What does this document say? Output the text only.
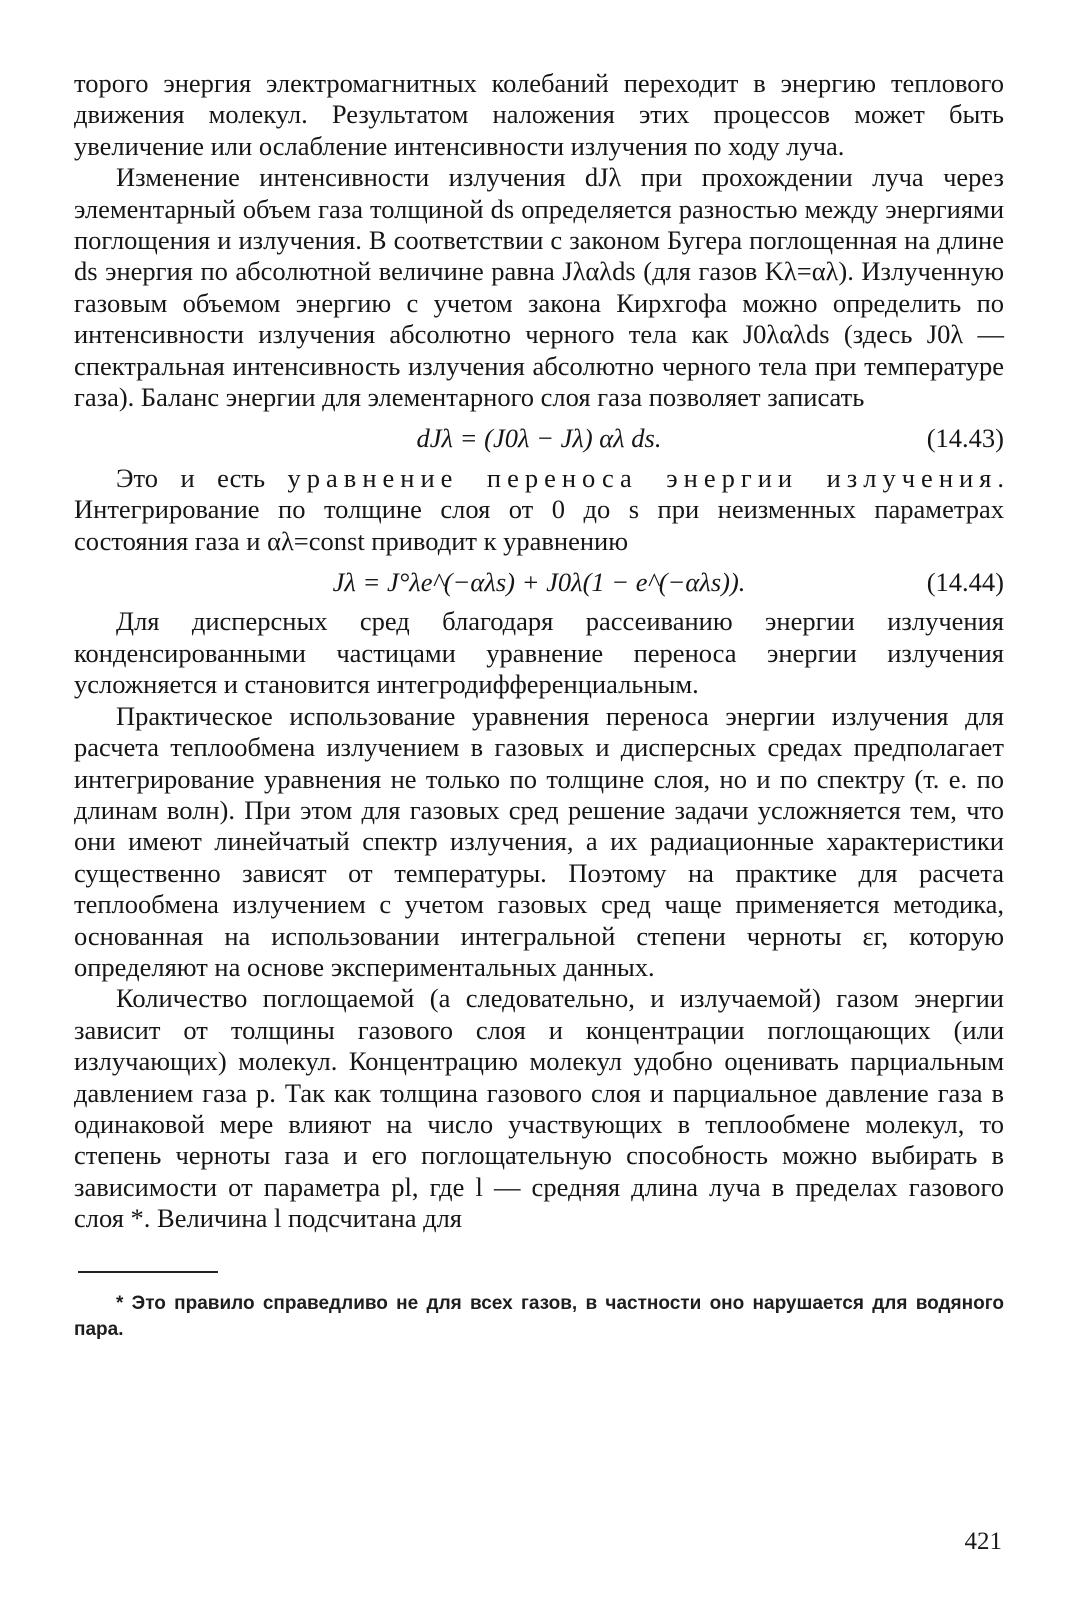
торого энергия электромагнитных колебаний переходит в энергию теплового движения молекул. Результатом наложения этих процессов может быть увеличение или ослабление интенсивности излучения по ходу луча.

Изменение интенсивности излучения dJλ при прохождении луча через элементарный объем газа толщиной ds определяется разностью между энергиями поглощения и излучения. В соответствии с законом Бугера поглощенная на длине ds энергия по абсолютной величине равна Jλαλds (для газов Kλ=αλ). Излученную газовым объемом энергию с учетом закона Кирхгофа можно определить по интенсивности излучения абсолютно черного тела как J0λαλds (здесь J0λ — спектральная интенсивность излучения абсолютно черного тела при температуре газа). Баланс энергии для элементарного слоя газа позволяет записать

dJλ = (J0λ − Jλ) αλ ds.	(14.43)

Это и есть уравнение переноса энергии излучения. Интегрирование по толщине слоя от 0 до s при неизменных параметрах состояния газа и αλ=const приводит к уравнению

Jλ = J°λe^(−αλs) + J0λ(1 − e^(−αλs)).	(14.44)

Для дисперсных сред благодаря рассеиванию энергии излучения конденсированными частицами уравнение переноса энергии излучения усложняется и становится интегродифференциальным.

Практическое использование уравнения переноса энергии излучения для расчета теплообмена излучением в газовых и дисперсных средах предполагает интегрирование уравнения не только по толщине слоя, но и по спектру (т. е. по длинам волн). При этом для газовых сред решение задачи усложняется тем, что они имеют линейчатый спектр излучения, а их радиационные характеристики существенно зависят от температуры. Поэтому на практике для расчета теплообмена излучением с учетом газовых сред чаще применяется методика, основанная на использовании интегральной степени черноты εг, которую определяют на основе экспериментальных данных.

Количество поглощаемой (а следовательно, и излучаемой) газом энергии зависит от толщины газового слоя и концентрации поглощающих (или излучающих) молекул. Концентрацию молекул удобно оценивать парциальным давлением газа p. Так как толщина газового слоя и парциальное давление газа в одинаковой мере влияют на число участвующих в теплообмене молекул, то степень черноты газа и его поглощательную способность можно выбирать в зависимости от параметра pl, где l — средняя длина луча в пределах газового слоя *. Величина l подсчитана для

* Это правило справедливо не для всех газов, в частности оно нарушается для водяного пара.

421
